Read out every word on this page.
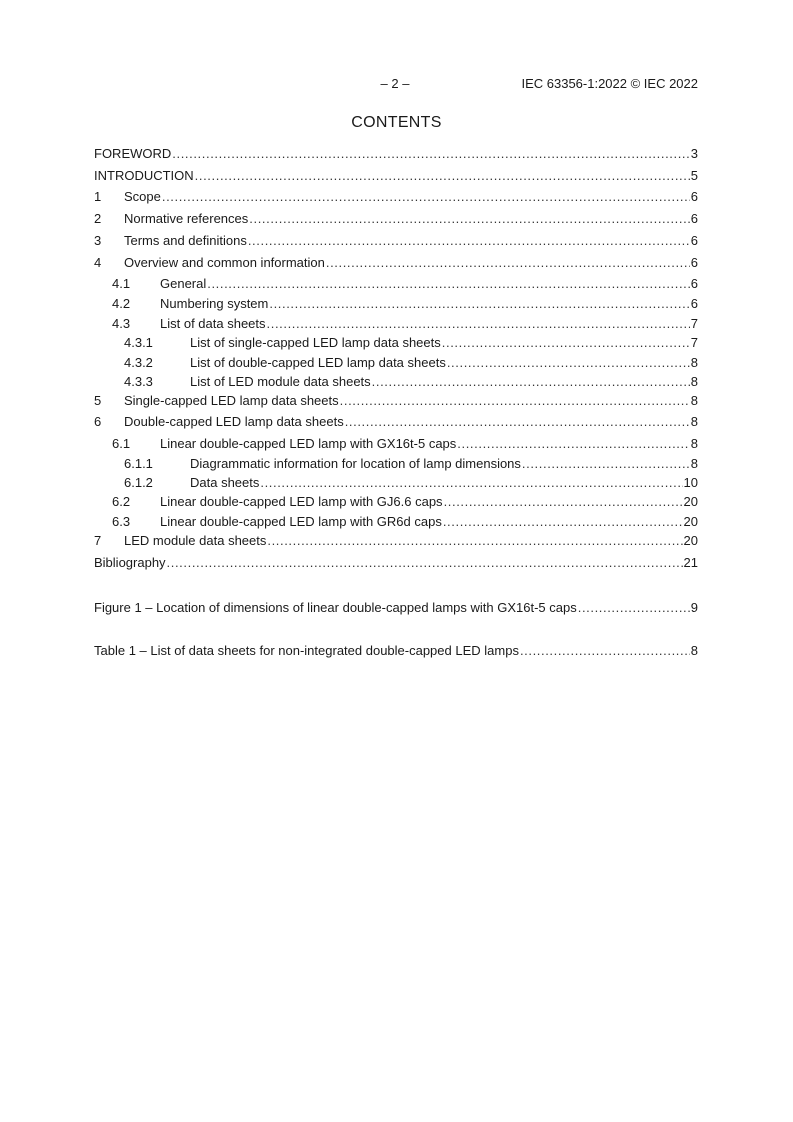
– 2 –	IEC 63356-1:2022 © IEC 2022
CONTENTS
FOREWORD .....	3
INTRODUCTION .....	5
1	Scope .....	6
2	Normative references .....	6
3	Terms and definitions .....	6
4	Overview and common information .....	6
4.1	General .....	6
4.2	Numbering system .....	6
4.3	List of data sheets .....	7
4.3.1	List of single-capped LED lamp data sheets .....	7
4.3.2	List of double-capped LED lamp data sheets .....	8
4.3.3	List of LED module data sheets .....	8
5	Single-capped LED lamp data sheets .....	8
6	Double-capped LED lamp data sheets .....	8
6.1	Linear double-capped LED lamp with GX16t-5 caps .....	8
6.1.1	Diagrammatic information for location of lamp dimensions .....	8
6.1.2	Data sheets .....	10
6.2	Linear double-capped LED lamp with GJ6.6 caps .....	20
6.3	Linear double-capped LED lamp with GR6d caps .....	20
7	LED module data sheets .....	20
Bibliography .....	21
Figure 1 – Location of dimensions of linear double-capped lamps with GX16t-5 caps .....	9
Table 1 – List of data sheets for non-integrated double-capped LED lamps .....	8
